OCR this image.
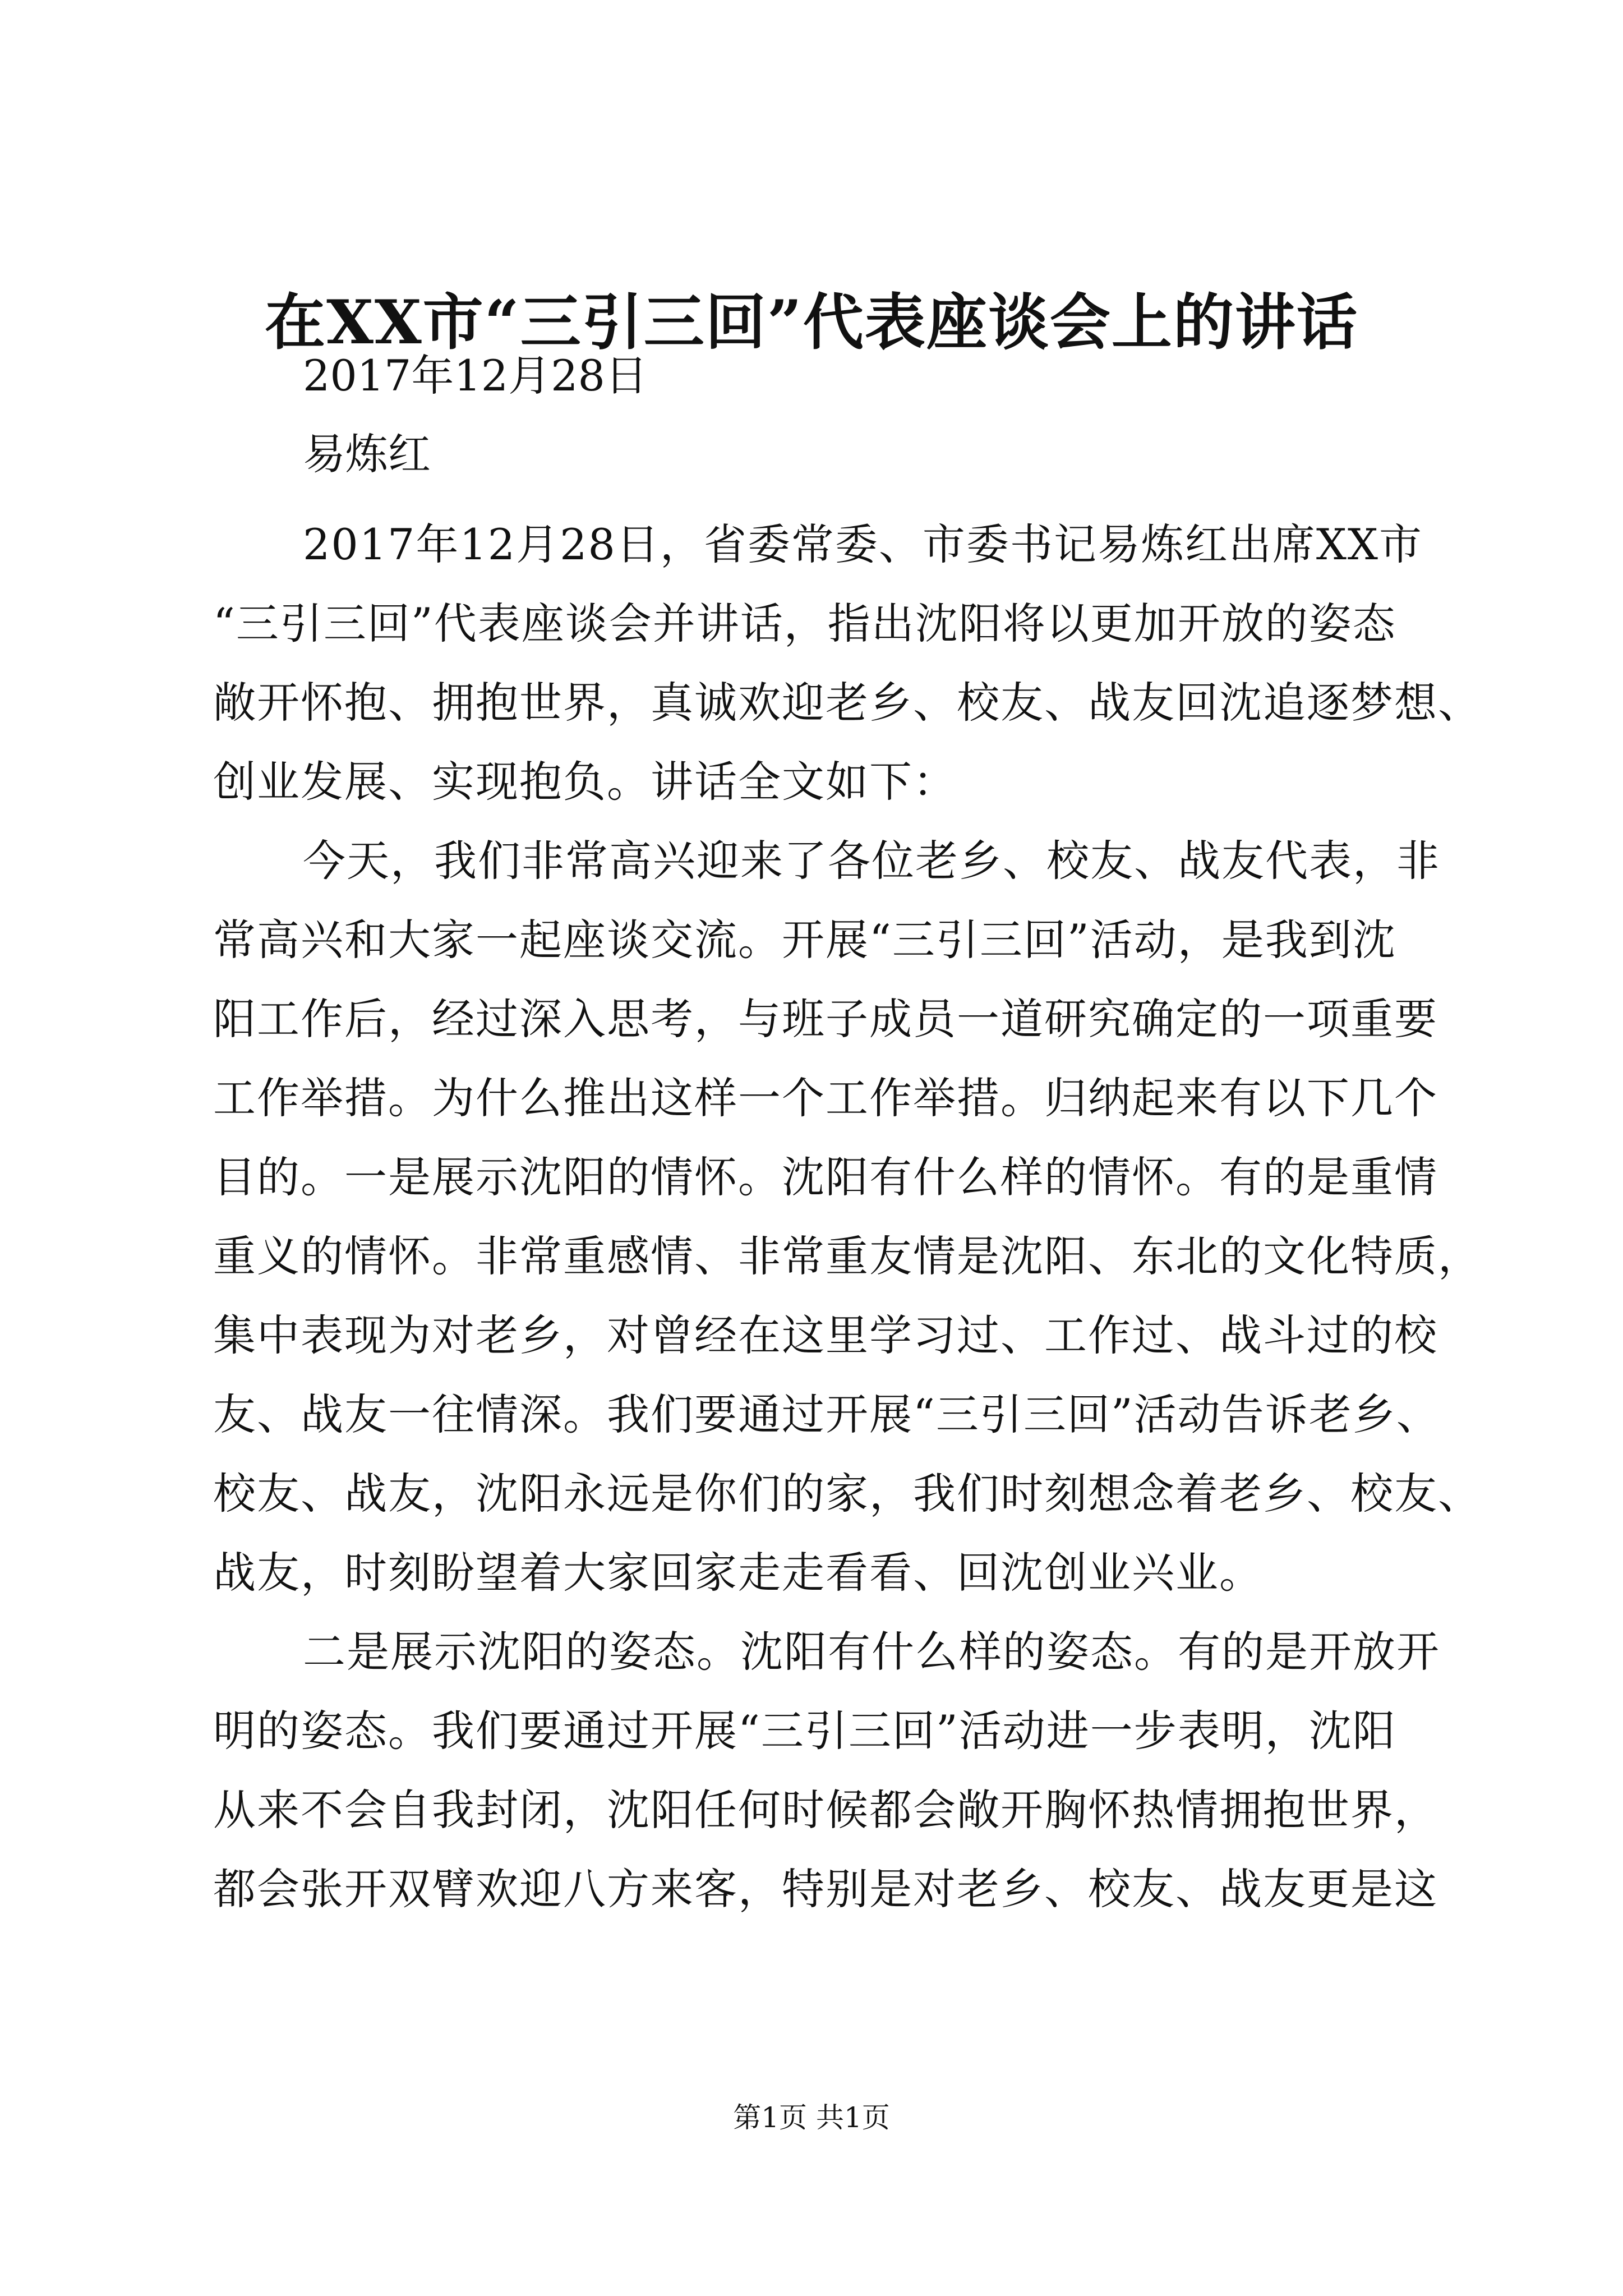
在XX市“三引三回”代表座谈会上的讲话
2017年12月28日
易炼红
2017年12月28日，省委常委、市委书记易炼红出席XX市
“三引三回”代表座谈会并讲话，指出沈阳将以更加开放的姿态
敞开怀抱、拥抱世界，真诚欢迎老乡、校友、战友回沈追逐梦想、
创业发展、实现抱负。讲话全文如下：
今天，我们非常高兴迎来了各位老乡、校友、战友代表，非
常高兴和大家一起座谈交流。开展“三引三回”活动，是我到沈
阳工作后，经过深入思考，与班子成员一道研究确定的一项重要
工作举措。为什么推出这样一个工作举措。归纳起来有以下几个
目的。一是展示沈阳的情怀。沈阳有什么样的情怀。有的是重情
重义的情怀。非常重感情、非常重友情是沈阳、东北的文化特质，
集中表现为对老乡，对曾经在这里学习过、工作过、战斗过的校
友、战友一往情深。我们要通过开展“三引三回”活动告诉老乡、
校友、战友，沈阳永远是你们的家，我们时刻想念着老乡、校友、
战友，时刻盼望着大家回家走走看看、回沈创业兴业。
二是展示沈阳的姿态。沈阳有什么样的姿态。有的是开放开
明的姿态。我们要通过开展“三引三回”活动进一步表明，沈阳
从来不会自我封闭，沈阳任何时候都会敞开胸怀热情拥抱世界，
都会张开双臂欢迎八方来客，特别是对老乡、校友、战友更是这
第1页 共1页
